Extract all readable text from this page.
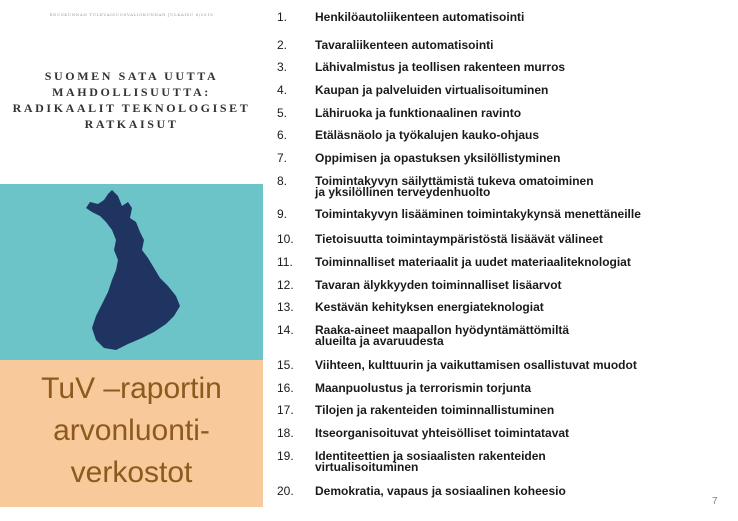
EDUSKUNNAN TULEVAISUUSVALIOKUNNAN JULKAISU 6/2018
SUOMEN SATA UUTTA
MAHDOLLISUUTTA:
RADIKAALIT TEKNOLOGISET
RATKAISUT
TuV –raportin
arvonluonti-
verkostot
1.	Henkilöautoliikenteen automatisointi
2.	Tavaraliikenteen automatisointi
3.	Lähivalmistus ja teollisen rakenteen murros
4.	Kaupan ja palveluiden virtualisoituminen
5.	Lähiruoka ja funktionaalinen ravinto
6.	Etäläsnäolo ja työkalujen kauko-ohjaus
7.	Oppimisen ja opastuksen yksilöllistyminen
8.	Toimintakyvyn säilyttämistä tukeva omatoiminen
ja yksilöllinen terveydenhuolto
9.	Toimintakyvyn lisääminen toimintakykynsä menettäneille
10.	Tietoisuutta toimintaympäristöstä lisäävät välineet
11.	Toiminnalliset materiaalit ja uudet materiaaliteknologiat
12.	Tavaran älykkyyden toiminnalliset lisäarvot
13.	Kestävän kehityksen energiateknologiat
14.	Raaka-aineet maapallon hyödyntämättömiltä
alueilta ja avaruudesta
15.	Viihteen, kulttuurin ja vaikuttamisen osallistuvat muodot
16.	Maanpuolustus ja terrorismin torjunta
17.	Tilojen ja rakenteiden toiminnallistuminen
18.	Itseorganisoituvat yhteisölliset toimintatavat
19.	Identiteettien ja sosiaalisten rakenteiden
virtualisoituminen
20.	Demokratia, vapaus ja sosiaalinen koheesio
7
